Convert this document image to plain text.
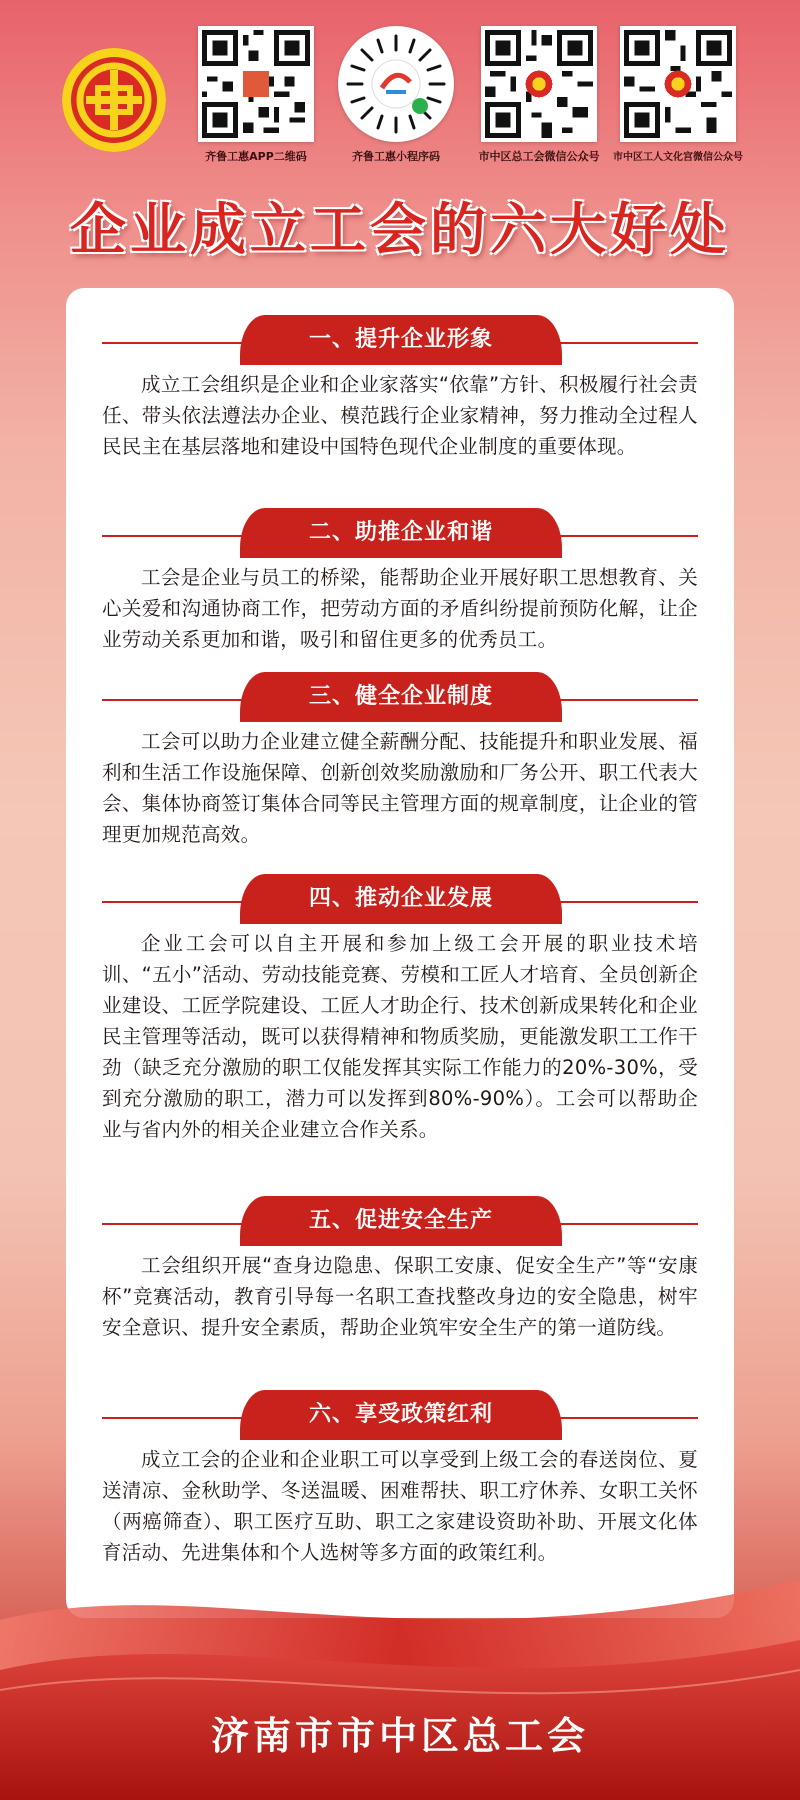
齐鲁工惠APP二维码	齐鲁工惠小程序码	市中区总工会微信公众号	市中区工人文化宫微信公众号
企业成立工会的六大好处
一、提升企业形象
成立工会组织是企业和企业家落实“依靠”方针、积极履行社会责任、带头依法遵法办企业、模范践行企业家精神，努力推动全过程人民民主在基层落地和建设中国特色现代企业制度的重要体现。
二、助推企业和谐
工会是企业与员工的桥梁，能帮助企业开展好职工思想教育、关心关爱和沟通协商工作，把劳动方面的矛盾纠纷提前预防化解，让企业劳动关系更加和谐，吸引和留住更多的优秀员工。
三、健全企业制度
工会可以助力企业建立健全薪酬分配、技能提升和职业发展、福利和生活工作设施保障、创新创效奖励激励和厂务公开、职工代表大会、集体协商签订集体合同等民主管理方面的规章制度，让企业的管理更加规范高效。
四、推动企业发展
企业工会可以自主开展和参加上级工会开展的职业技术培训、“五小”活动、劳动技能竞赛、劳模和工匠人才培育、全员创新企业建设、工匠学院建设、工匠人才助企行、技术创新成果转化和企业民主管理等活动，既可以获得精神和物质奖励，更能激发职工工作干劲（缺乏充分激励的职工仅能发挥其实际工作能力的20%-30%，受到充分激励的职工，潜力可以发挥到80%-90%）。工会可以帮助企业与省内外的相关企业建立合作关系。
五、促进安全生产
工会组织开展“查身边隐患、保职工安康、促安全生产”等“安康杯”竞赛活动，教育引导每一名职工查找整改身边的安全隐患，树牢安全意识、提升安全素质，帮助企业筑牢安全生产的第一道防线。
六、享受政策红利
成立工会的企业和企业职工可以享受到上级工会的春送岗位、夏送清凉、金秋助学、冬送温暖、困难帮扶、职工疗休养、女职工关怀（两癌筛查）、职工医疗互助、职工之家建设资助补助、开展文化体育活动、先进集体和个人选树等多方面的政策红利。
济南市市中区总工会
